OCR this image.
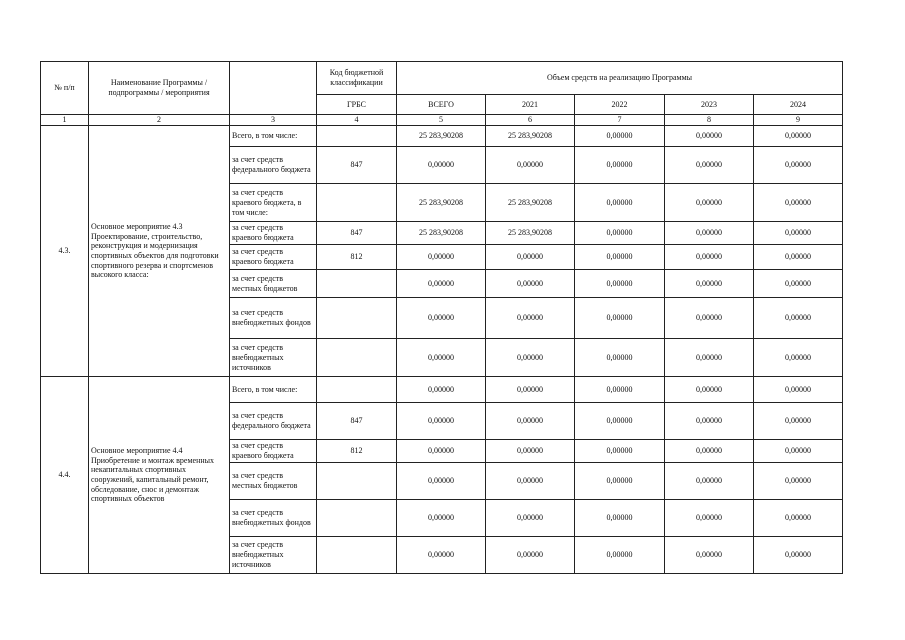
№ п/п	Наименование Программы / подпрограммы / мероприятия		Код бюджетной классификации	Объем средств на реализацию Программы				
			ГРБС	ВСЕГО	2021	2022	2023	2024
1	2	3	4	5	6	7	8	9
4.3.	Основное мероприятие 4.3 Проектирование, строительство, реконструкция и модернизация спортивных объектов для подготовки спортивного резерва и спортсменов высокого класса:	Всего, в том числе:		25 283,90208	25 283,90208	0,00000	0,00000	0,00000
		за счет средств федерального бюджета	847	0,00000	0,00000	0,00000	0,00000	0,00000
		за счет средств краевого бюджета, в том числе:		25 283,90208	25 283,90208	0,00000	0,00000	0,00000
		за счет средств краевого бюджета	847	25 283,90208	25 283,90208	0,00000	0,00000	0,00000
		за счет средств краевого бюджета	812	0,00000	0,00000	0,00000	0,00000	0,00000
		за счет средств местных бюджетов		0,00000	0,00000	0,00000	0,00000	0,00000
		за счет средств внебюджетных фондов		0,00000	0,00000	0,00000	0,00000	0,00000
		за счет средств внебюджетных источников		0,00000	0,00000	0,00000	0,00000	0,00000
4.4.	Основное мероприятие 4.4 Приобретение и монтаж временных некапитальных спортивных сооружений, капитальный ремонт, обследование, снос и демонтаж спортивных объектов	Всего, в том числе:		0,00000	0,00000	0,00000	0,00000	0,00000
		за счет средств федерального бюджета	847	0,00000	0,00000	0,00000	0,00000	0,00000
		за счет средств краевого бюджета	812	0,00000	0,00000	0,00000	0,00000	0,00000
		за счет средств местных бюджетов		0,00000	0,00000	0,00000	0,00000	0,00000
		за счет средств внебюджетных фондов		0,00000	0,00000	0,00000	0,00000	0,00000
		за счет средств внебюджетных источников		0,00000	0,00000	0,00000	0,00000	0,00000
